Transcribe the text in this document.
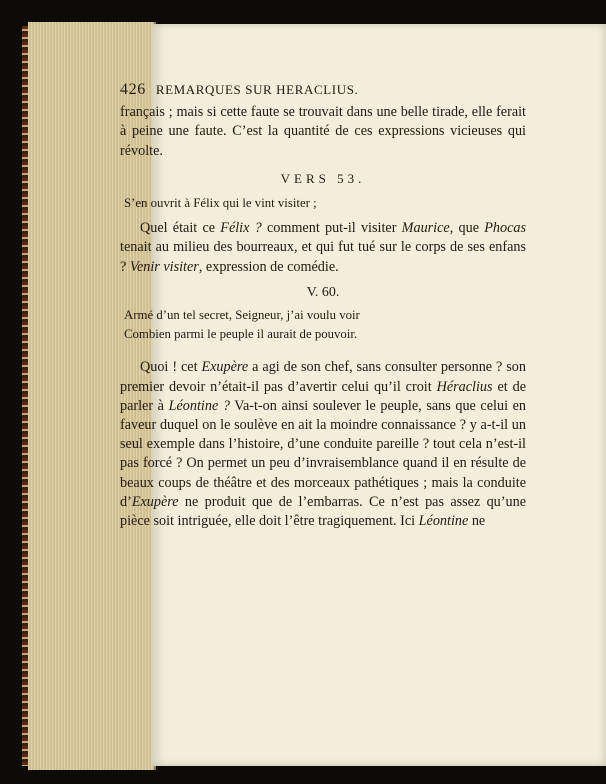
426 REMARQUES SUR HERACLIUS.

français ; mais si cette faute se trouvait dans une belle tirade, elle ferait à peine une faute. C’est la quantité de ces expressions vicieuses qui révolte.

VERS 53.
S’en ouvrit à Félix qui le vint visiter ;

Quel était ce Félix ? comment put-il visiter Maurice, que Phocas tenait au milieu des bourreaux, et qui fut tué sur le corps de ses enfans ? Venir visiter, expression de comédie.

V. 60.
Armé d’un tel secret, Seigneur, j’ai voulu voir
Combien parmi le peuple il aurait de pouvoir.

Quoi ! cet Exupère a agi de son chef, sans consulter personne ? son premier devoir n’était-il pas d’avertir celui qu’il croit Héraclius et de parler à Léontine ? Va-t-on ainsi soulever le peuple, sans que celui en faveur duquel on le soulève en ait la moindre connaissance ? y a-t-il un seul exemple dans l’histoire, d’une conduite pareille ? tout cela n’est-il pas forcé ? On permet un peu d’invraisemblance quand il en résulte de beaux coups de théâtre et des morceaux pathétiques ; mais la conduite d’Exupère ne produit que de l’embarras. Ce n’est pas assez qu’une pièce soit intriguée, elle doit l’être tragiquement. Ici Léontine ne
